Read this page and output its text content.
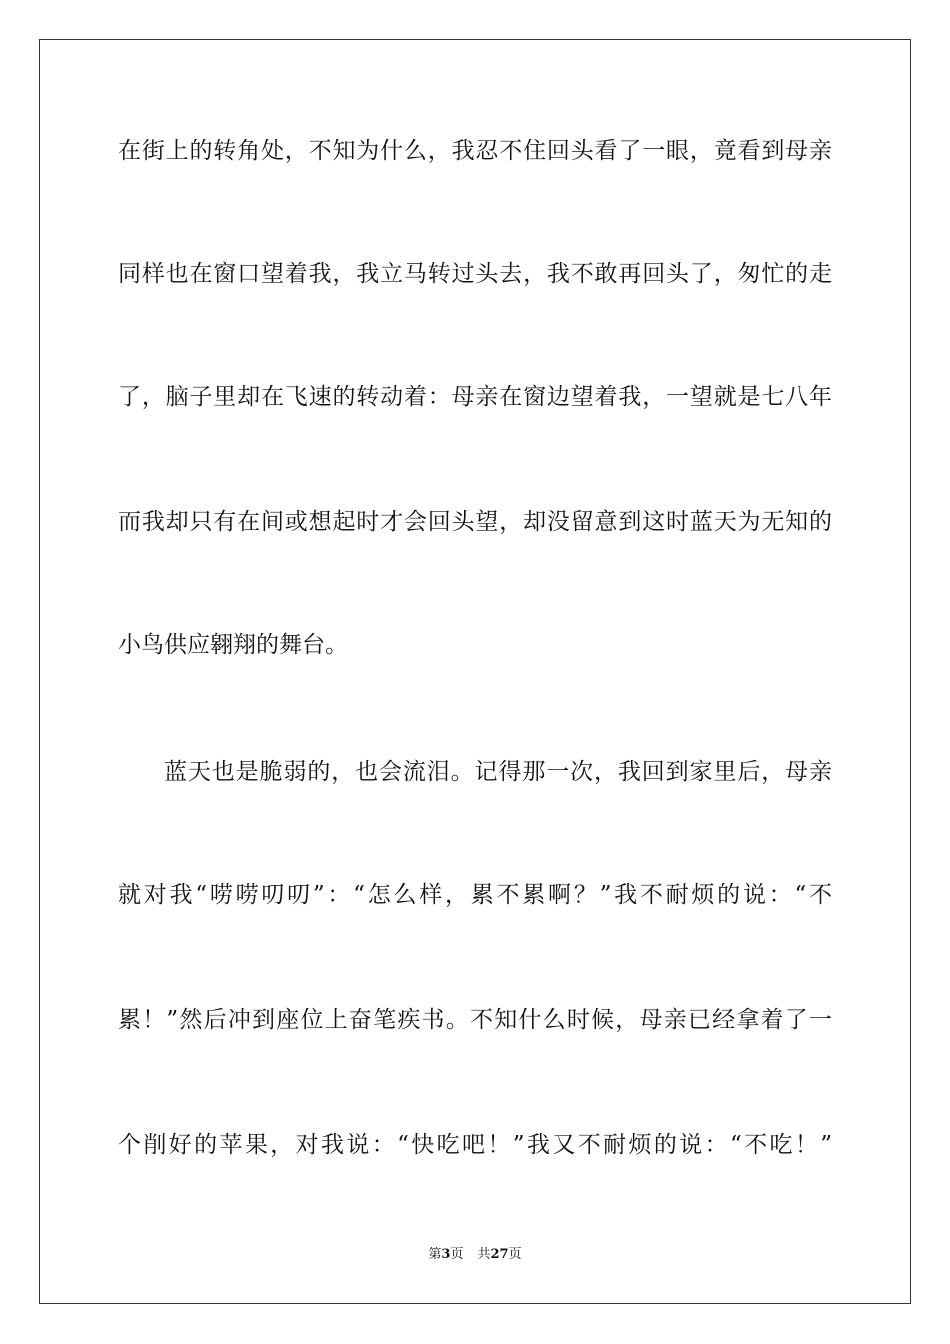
在街上的转角处，不知为什么，我忍不住回头看了一眼，竟看到母亲
同样也在窗口望着我，我立马转过头去，我不敢再回头了，匆忙的走
了，脑子里却在飞速的转动着：母亲在窗边望着我，一望就是七八年
而我却只有在间或想起时才会回头望，却没留意到这时蓝天为无知的
小鸟供应翱翔的舞台。
蓝天也是脆弱的，也会流泪。记得那一次，我回到家里后，母亲
就对我“唠唠叨叨”：“怎么样，累不累啊？”我不耐烦的说：“不
累！”然后冲到座位上奋笔疾书。不知什么时候，母亲已经拿着了一
个削好的苹果，对我说：“快吃吧！”我又不耐烦的说：“不吃！”
第3页 共27页
